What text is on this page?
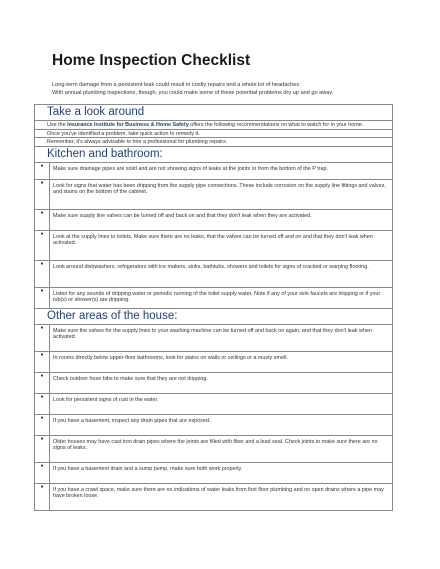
Home Inspection Checklist
Long-term damage from a persistent leak could result in costly repairs and a whole lot of headaches.
With annual plumbing inspections, though, you could make some of these potential problems dry up and go away.
Take a look around	
Use the Insurance Institute for Business & Home Safety offers the following recommendations on what to watch for in your home.	
Once you've identified a problem, take quick action to remedy it.	
Remember, it's always advisable to hire a professional for plumbing repairs.	
Kitchen and bathroom:	
●	Make sure drainage pipes are solid and are not showing signs of leaks at the joints or from the bottom of the P trap.
●	Look for signs that water has been dripping from the supply pipe connections. These include corrosion on the supply line fittings and valves, and stains on the bottom of the cabinet.
●	Make sure supply line valves can be turned off and back on and that they don't leak when they are activated.
●	Look at the supply lines to toilets. Make sure there are no leaks, that the valves can be turned off and on and that they don't leak when activated.
●	Look around dishwashers, refrigerators with ice makers, sinks, bathtubs, showers and toilets for signs of cracked or warping flooring.
●	Listen for any sounds of dripping water or periodic running of the toilet supply water. Note if any of your sink faucets are dripping or if your tub(s) or shower(s) are dripping.
Other areas of the house:	
●	Make sure the valves for the supply lines to your washing machine can be turned off and back on again, and that they don't leak when activated.
●	In rooms directly below upper-floor bathrooms, look for stains on walls or ceilings or a musty smell.
●	Check outdoor hose bibs to make sure that they are not dripping.
●	Look for persistent signs of rust in the water.
●	If you have a basement, inspect any drain pipes that are exposed.
●	Older houses may have cast iron drain pipes where the joints are filled with fiber and a lead seal. Check joints to make sure there are no signs of leaks.
●	If you have a basement drain and a sump pump, make sure both work properly.
●	If you have a crawl space, make sure there are no indications of water leaks from first floor plumbing and no open drains where a pipe may have broken loose.
